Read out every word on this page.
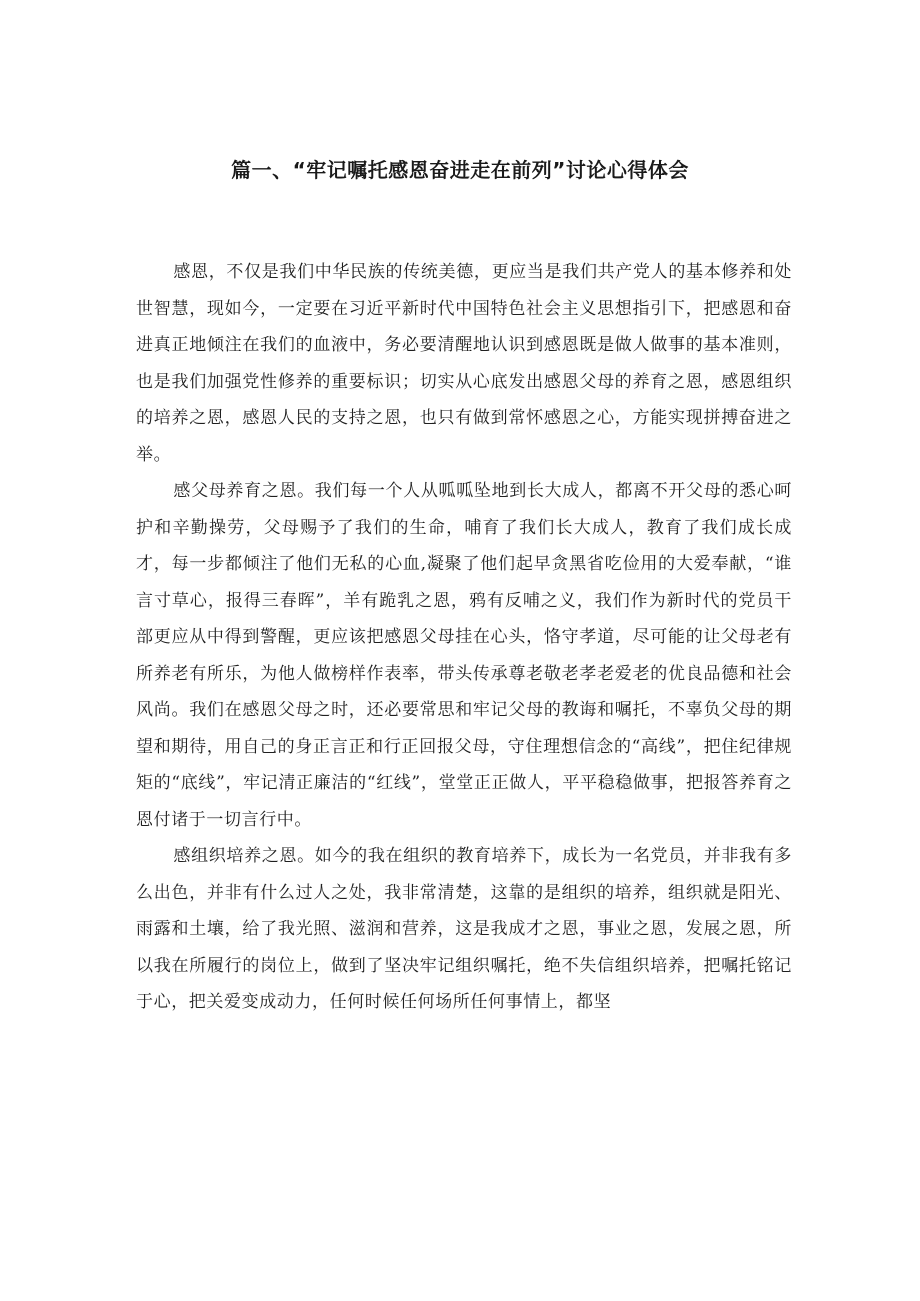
篇一、“牢记嘱托感恩奋进走在前列”讨论心得体会

感恩，不仅是我们中华民族的传统美德，更应当是我们共产党人的基本修养和处世智慧，现如今，一定要在习近平新时代中国特色社会主义思想指引下，把感恩和奋进真正地倾注在我们的血液中，务必要清醒地认识到感恩既是做人做事的基本准则，也是我们加强党性修养的重要标识；切实从心底发出感恩父母的养育之恩，感恩组织的培养之恩，感恩人民的支持之恩，也只有做到常怀感恩之心，方能实现拼搏奋进之举。

感父母养育之恩。我们每一个人从呱呱坠地到长大成人，都离不开父母的悉心呵护和辛勤操劳，父母赐予了我们的生命，哺育了我们长大成人，教育了我们成长成才，每一步都倾注了他们无私的心血,凝聚了他们起早贪黑省吃俭用的大爱奉献，“谁言寸草心，报得三春晖”，羊有跪乳之恩，鸦有反哺之义，我们作为新时代的党员干部更应从中得到警醒，更应该把感恩父母挂在心头，恪守孝道，尽可能的让父母老有所养老有所乐，为他人做榜样作表率，带头传承尊老敬老孝老爱老的优良品德和社会风尚。我们在感恩父母之时，还必要常思和牢记父母的教诲和嘱托，不辜负父母的期望和期待，用自己的身正言正和行正回报父母，守住理想信念的“高线”，把住纪律规矩的“底线”，牢记清正廉洁的“红线”，堂堂正正做人，平平稳稳做事，把报答养育之恩付诸于一切言行中。

感组织培养之恩。如今的我在组织的教育培养下，成长为一名党员，并非我有多么出色，并非有什么过人之处，我非常清楚，这靠的是组织的培养，组织就是阳光、雨露和土壤，给了我光照、滋润和营养，这是我成才之恩，事业之恩，发展之恩，所以我在所履行的岗位上，做到了坚决牢记组织嘱托，绝不失信组织培养，把嘱托铭记于心，把关爱变成动力，任何时候任何场所任何事情上，都坚
